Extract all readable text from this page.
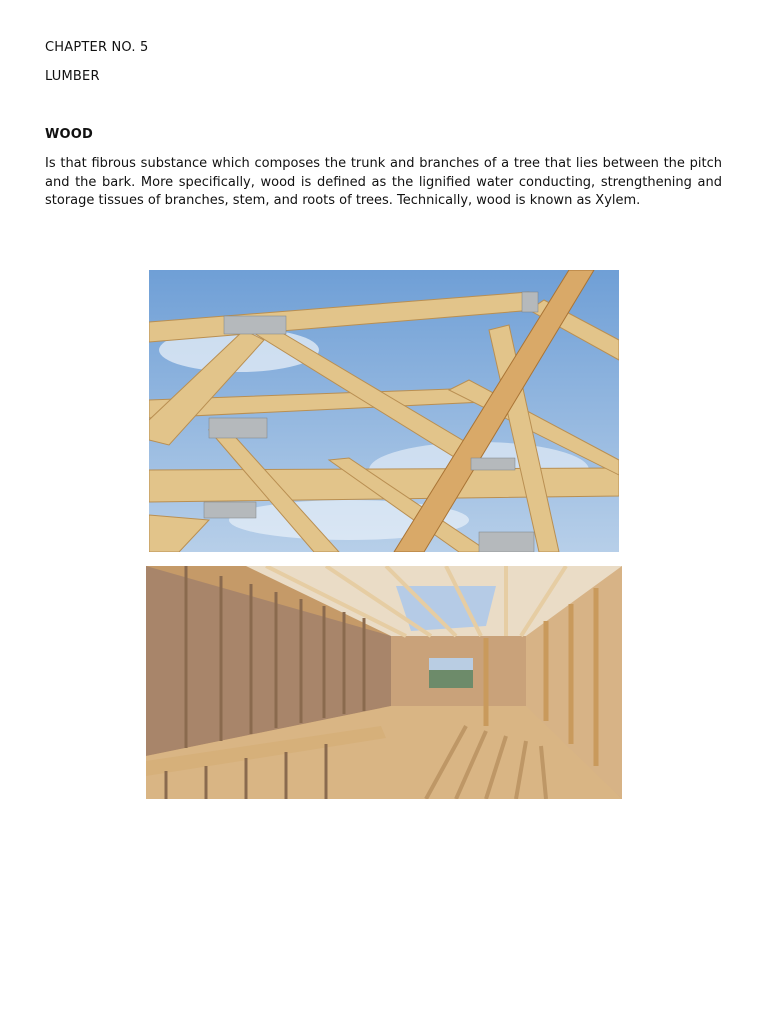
CHAPTER NO. 5
LUMBER
WOOD

Is that fibrous substance which composes the trunk and branches of a tree that lies between the pitch and the bark. More specifically, wood is defined as the lignified water conducting, strengthening and storage tissues of branches, stem, and roots of trees. Technically, wood is known as Xylem.
